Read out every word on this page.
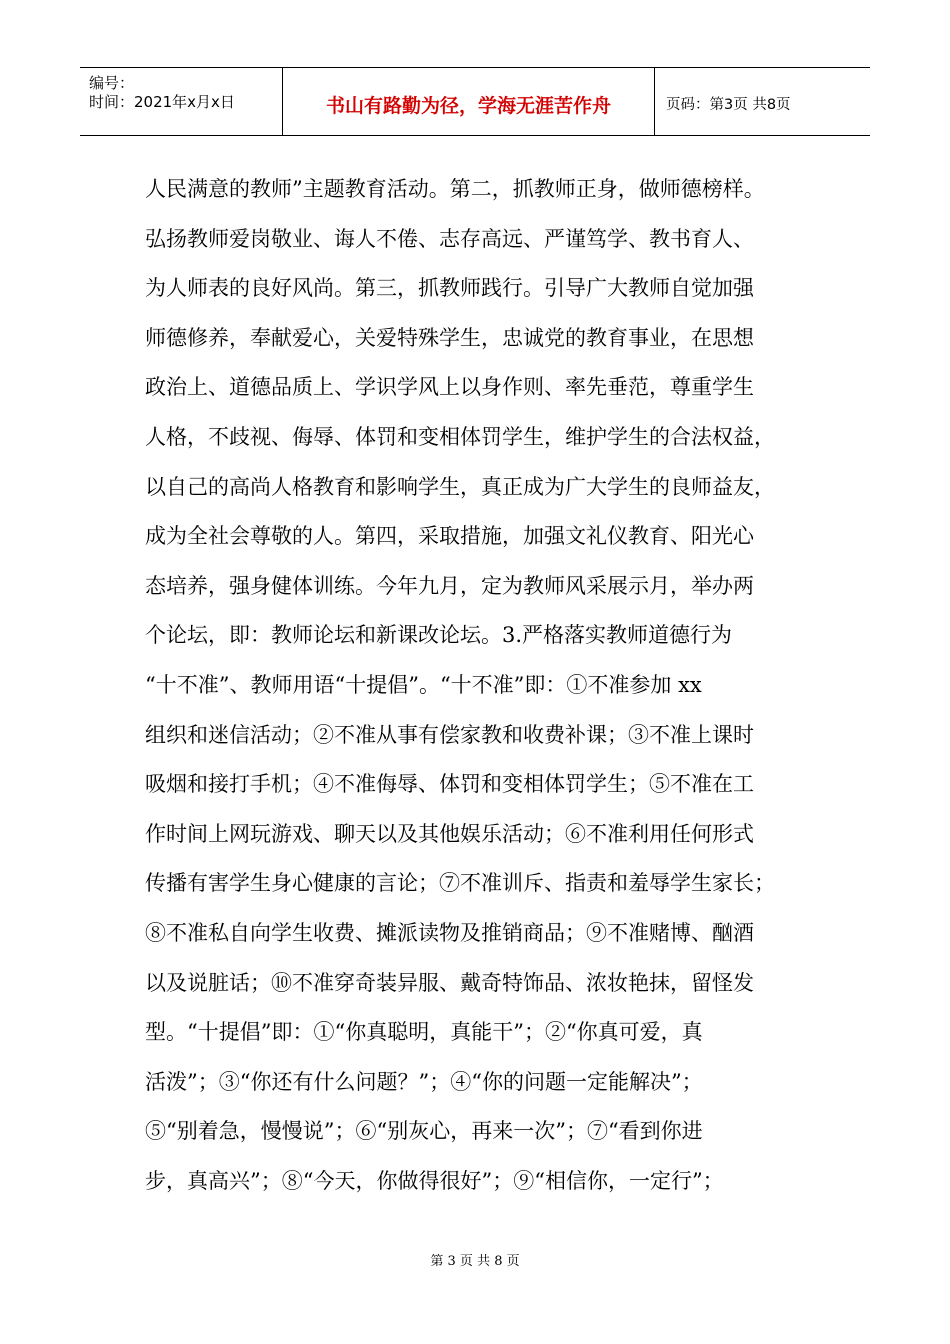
编号：
时间：2021年x月x日	书山有路勤为径，学海无涯苦作舟	页码：第3页 共8页
人民满意的教师”主题教育活动。第二，抓教师正身，做师德榜样。
弘扬教师爱岗敬业、诲人不倦、志存高远、严谨笃学、教书育人、
为人师表的良好风尚。第三，抓教师践行。引导广大教师自觉加强
师德修养，奉献爱心，关爱特殊学生，忠诚党的教育事业，在思想
政治上、道德品质上、学识学风上以身作则、率先垂范，尊重学生
人格，不歧视、侮辱、体罚和变相体罚学生，维护学生的合法权益，
以自己的高尚人格教育和影响学生，真正成为广大学生的良师益友，
成为全社会尊敬的人。第四，采取措施，加强文礼仪教育、阳光心
态培养，强身健体训练。今年九月，定为教师风采展示月，举办两
个论坛，即：教师论坛和新课改论坛。3.严格落实教师道德行为
“十不准”、教师用语“十提倡”。“十不准”即：①不准参加 xx
组织和迷信活动；②不准从事有偿家教和收费补课；③不准上课时
吸烟和接打手机；④不准侮辱、体罚和变相体罚学生；⑤不准在工
作时间上网玩游戏、聊天以及其他娱乐活动；⑥不准利用任何形式
传播有害学生身心健康的言论；⑦不准训斥、指责和羞辱学生家长；
⑧不准私自向学生收费、摊派读物及推销商品；⑨不准赌博、酗酒
以及说脏话；⑩不准穿奇装异服、戴奇特饰品、浓妆艳抹，留怪发
型。“十提倡”即：①“你真聪明，真能干”；②“你真可爱，真
活泼”；③“你还有什么问题？”；④“你的问题一定能解决”；
⑤“别着急，慢慢说”；⑥“别灰心，再来一次”；⑦“看到你进
步，真高兴”；⑧“今天，你做得很好”；⑨“相信你，一定行”；
第 3 页 共 8 页
